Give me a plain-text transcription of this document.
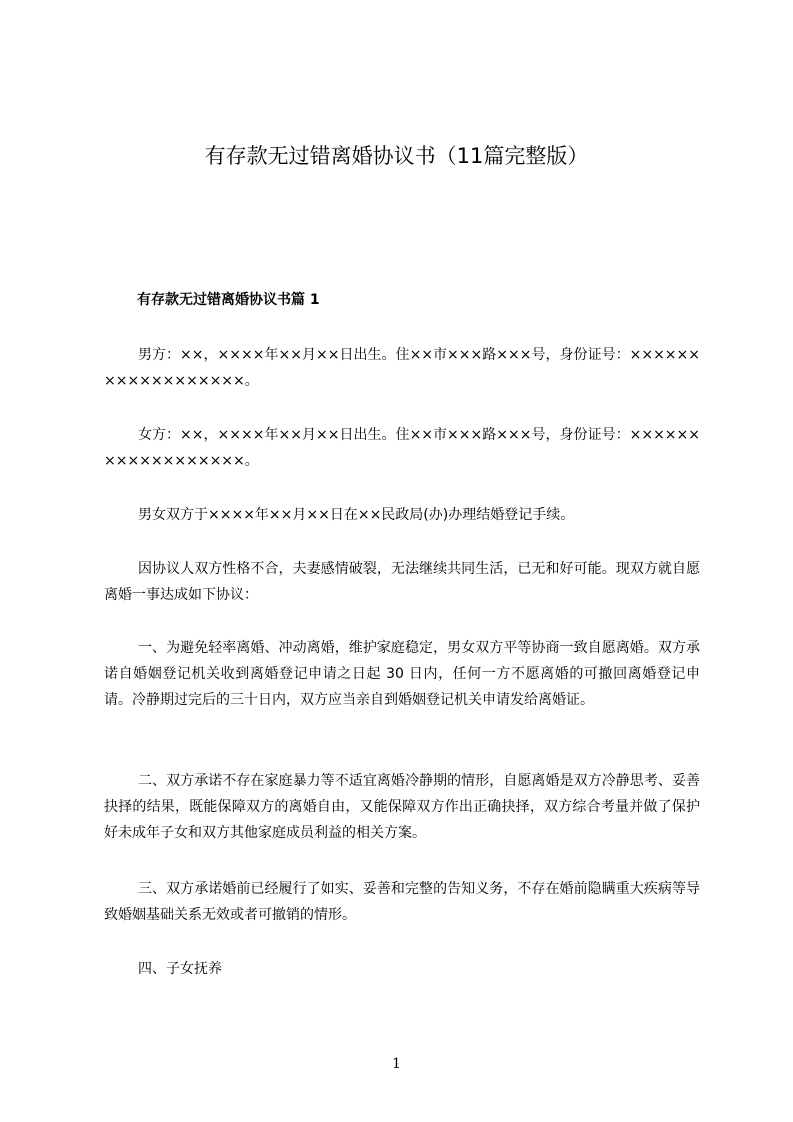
有存款无过错离婚协议书（11篇完整版）
有存款无过错离婚协议书篇 1

男方：××，××××年××月××日出生。住××市×××路×××号，身份证号：××××××××××××××××××。

女方：××，××××年××月××日出生。住××市×××路×××号，身份证号：××××××××××××××××××。

男女双方于××××年××月××日在××民政局(办)办理结婚登记手续。

因协议人双方性格不合，夫妻感情破裂，无法继续共同生活，已无和好可能。现双方就自愿离婚一事达成如下协议：

一、为避免轻率离婚、冲动离婚，维护家庭稳定，男女双方平等协商一致自愿离婚。双方承诺自婚姻登记机关收到离婚登记申请之日起 30 日内，任何一方不愿离婚的可撤回离婚登记申请。冷静期过完后的三十日内，双方应当亲自到婚姻登记机关申请发给离婚证。

二、双方承诺不存在家庭暴力等不适宜离婚冷静期的情形，自愿离婚是双方冷静思考、妥善抉择的结果，既能保障双方的离婚自由，又能保障双方作出正确抉择，双方综合考量并做了保护好未成年子女和双方其他家庭成员利益的相关方案。

三、双方承诺婚前已经履行了如实、妥善和完整的告知义务，不存在婚前隐瞒重大疾病等导致婚姻基础关系无效或者可撤销的情形。

四、子女抚养

1
